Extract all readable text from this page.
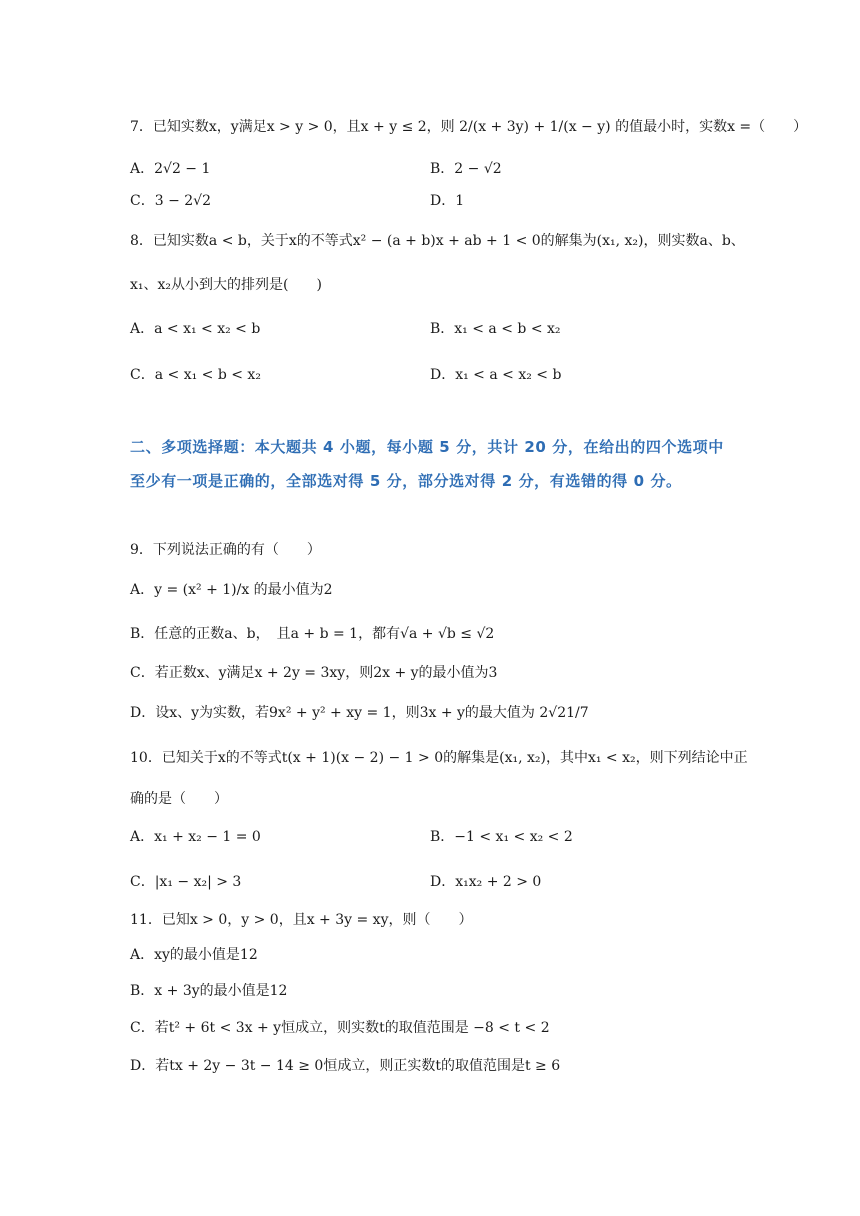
7．已知实数x，y满足x > y > 0，且x + y ≤ 2，则 2/(x + 3y) + 1/(x − y) 的值最小时，实数x =（　　）
A．2√2 − 1	B．2 − √2
C．3 − 2√2	D．1
8．已知实数a < b，关于x的不等式x² − (a + b)x + ab + 1 < 0的解集为(x₁, x₂)，则实数a、b、
x₁、x₂从小到大的排列是(　　)
A．a < x₁ < x₂ < b	B．x₁ < a < b < x₂
C．a < x₁ < b < x₂	D．x₁ < a < x₂ < b
二、多项选择题：本大题共 4 小题，每小题 5 分，共计 20 分，在给出的四个选项中至少有一项是正确的，全部选对得 5 分，部分选对得 2 分，有选错的得 0 分。
9．下列说法正确的有（　　）
A．y = (x² + 1)/x 的最小值为2
B．任意的正数a、b，　且a + b = 1，都有√a + √b ≤ √2
C．若正数x、y满足x + 2y = 3xy，则2x + y的最小值为3
D．设x、y为实数，若9x² + y² + xy = 1，则3x + y的最大值为 2√21/7
10．已知关于x的不等式t(x + 1)(x − 2) − 1 > 0的解集是(x₁, x₂)，其中x₁ < x₂，则下列结论中正
确的是（　　）
A．x₁ + x₂ − 1 = 0	B．−1 < x₁ < x₂ < 2
C．|x₁ − x₂| > 3	D．x₁x₂ + 2 > 0
11．已知x > 0，y > 0，且x + 3y = xy，则（　　）
A．xy的最小值是12
B．x + 3y的最小值是12
C．若t² + 6t < 3x + y恒成立，则实数t的取值范围是 −8 < t < 2
D．若tx + 2y − 3t − 14 ≥ 0恒成立，则正实数t的取值范围是t ≥ 6
